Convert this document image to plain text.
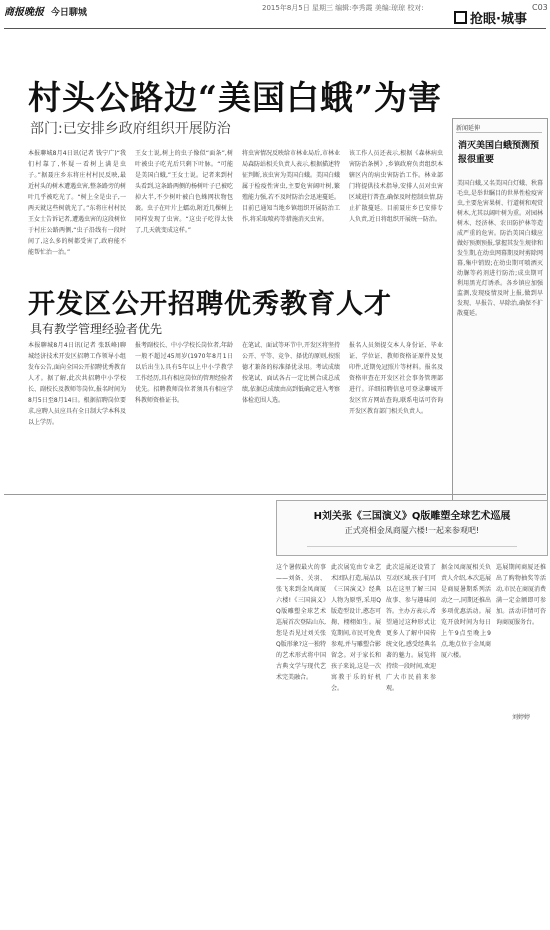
商报晚报 今日聊城	2015年8月5日 星期三 编辑:李秀霞 美编:琼琼 校对:
抢眼·城事
C03
村头公路边“美国白蛾”为害
部门:已安排乡政府组织开展防治
本报聊城8月4日讯(记者 钱宁广)“我们村靠了,怀疑一看树上满是虫子。”据聂庄乡东将庄村村民反映,最近村头的树木遭遇虫害,整条路旁的树叶几乎被吃光了。“树上全是虫子,一两天就这些树就光了。”东将庄村村民王女士告诉记者,遭遇虫害的这段树位于村庄公路两侧,“虫子沿线有一段时间了,这么多的树都受害了,政府能不能帮忙治一治。”
王女士说,树上的虫子像似“面条”,树叶被虫子吃光后只剩下叶脉。“可能是美国白蛾,”王女士说。记者来到村头看到,这条路两侧的杨树叶子已被吃掉大半,不少树叶被白色蛛网状物包裹。虫子在叶片上蠕动,附近几棵树上同样发现了虫害。“这虫子吃得太快了,几天就变成这样。”
将虫害情况反映给市林业局后,市林业局森防站相关负责人表示,根据描述特征判断,该虫害为美国白蛾。美国白蛾属于检疫性害虫,主要危害阔叶树,繁殖能力强,若不及时防治会迅速蔓延。目前已通知当地乡镇组织开展防治工作,将采取喷药等措施消灭虫害。
该工作人员还表示,根据《森林病虫害防治条例》,乡镇政府负责组织本辖区内的病虫害防治工作。林业部门将提供技术指导,安排人员对虫害区域进行普查,确保及时控制虫情,防止扩散蔓延。目前聂庄乡已安排专人负责,近日将组织开展统一防治。
新闻延伸
消灭美国白蛾预测预报很重要
美国白蛾,又名美国白灯蛾、秋幕毛虫,是举世瞩目的世界性检疫害虫,主要危害果树、行道树和观赏树木,尤其以阔叶树为重。对园林树木、经济林、农田防护林等造成严重的危害。防治美国白蛾应做好预测预报,掌握其发生规律和发生期,在幼虫网幕期及时剪除网幕,集中销毁;在幼虫期可喷洒灭幼脲等药剂进行防治;成虫期可利用黑光灯诱杀。各乡镇应加强监测,发现疫情及时上报,做到早发现、早报告、早除治,确保不扩散蔓延。
开发区公开招聘优秀教育人才
具有教学管理经验者优先
本报聊城8月4日讯(记者 张跃峰)聊城经济技术开发区招聘工作领导小组发布公告,面向全国公开招聘优秀教育人才。据了解,此次共招聘中小学校长、副校长及教师等岗位,报名时间为8月5日至8月14日。根据招聘岗位要求,应聘人员应具有全日制大学本科及以上学历。
报考副校长、中小学校长岗位者,年龄一般不超过45周岁(1970年8月1日以后出生),具有5年以上中小学教学工作经历,具有相应岗位的管理经验者优先。招聘教师岗位者须具有相应学科教师资格证书。
在笔试、面试等环节中,开发区将坚持公开、平等、竞争、择优的原则,按照德才兼备的标准择优录用。考试成绩按笔试、面试各占一定比例合成总成绩,依据总成绩由高到低确定进入考察体检范围人选。
报名人员须提交本人身份证、毕业证、学位证、教师资格证原件及复印件,近期免冠照片等材料。报名及资格审查在开发区社会事务管理部进行。详细招聘信息可登录聊城开发区官方网站查询,联系电话可咨询开发区教育部门相关负责人。
H刘关张《三国演义》Q版雕塑全球艺术巡展
正式亮相金凤商厦六楼!一起来参观吧!
这个暑假最火的事——刘备、关羽、张飞来到金凤商厦六楼!《三国演义》Q版雕塑全球艺术巡展首次登陆山东,您是否见过刘关张Q版形象?这一独特的艺术形式将中国古典文学与现代艺术完美融合。
此次展览由专业艺术团队打造,展品以《三国演义》经典人物为原型,采用Q版造型设计,憨态可掬、栩栩如生。展览期间,市民可免费参观,并与雕塑合影留念。对于家长和孩子来说,这是一次寓教于乐的好机会。
此次巡展还设置了互动区域,孩子们可以在这里了解三国故事、参与趣味问答。主办方表示,希望通过这种形式让更多人了解中国传统文化,感受经典名著的魅力。展览将持续一段时间,欢迎广大市民前来参观。
据金凤商厦相关负责人介绍,本次巡展是商厦暑期系列活动之一,同期还推出多项优惠活动。展览开放时间为每日上午9点至晚上9点,地点位于金凤商厦六楼。
巡展期间商厦还推出了购物抽奖等活动,市民在商厦消费满一定金额即可参加。活动详情可咨询商厦服务台。
刘婷婷
